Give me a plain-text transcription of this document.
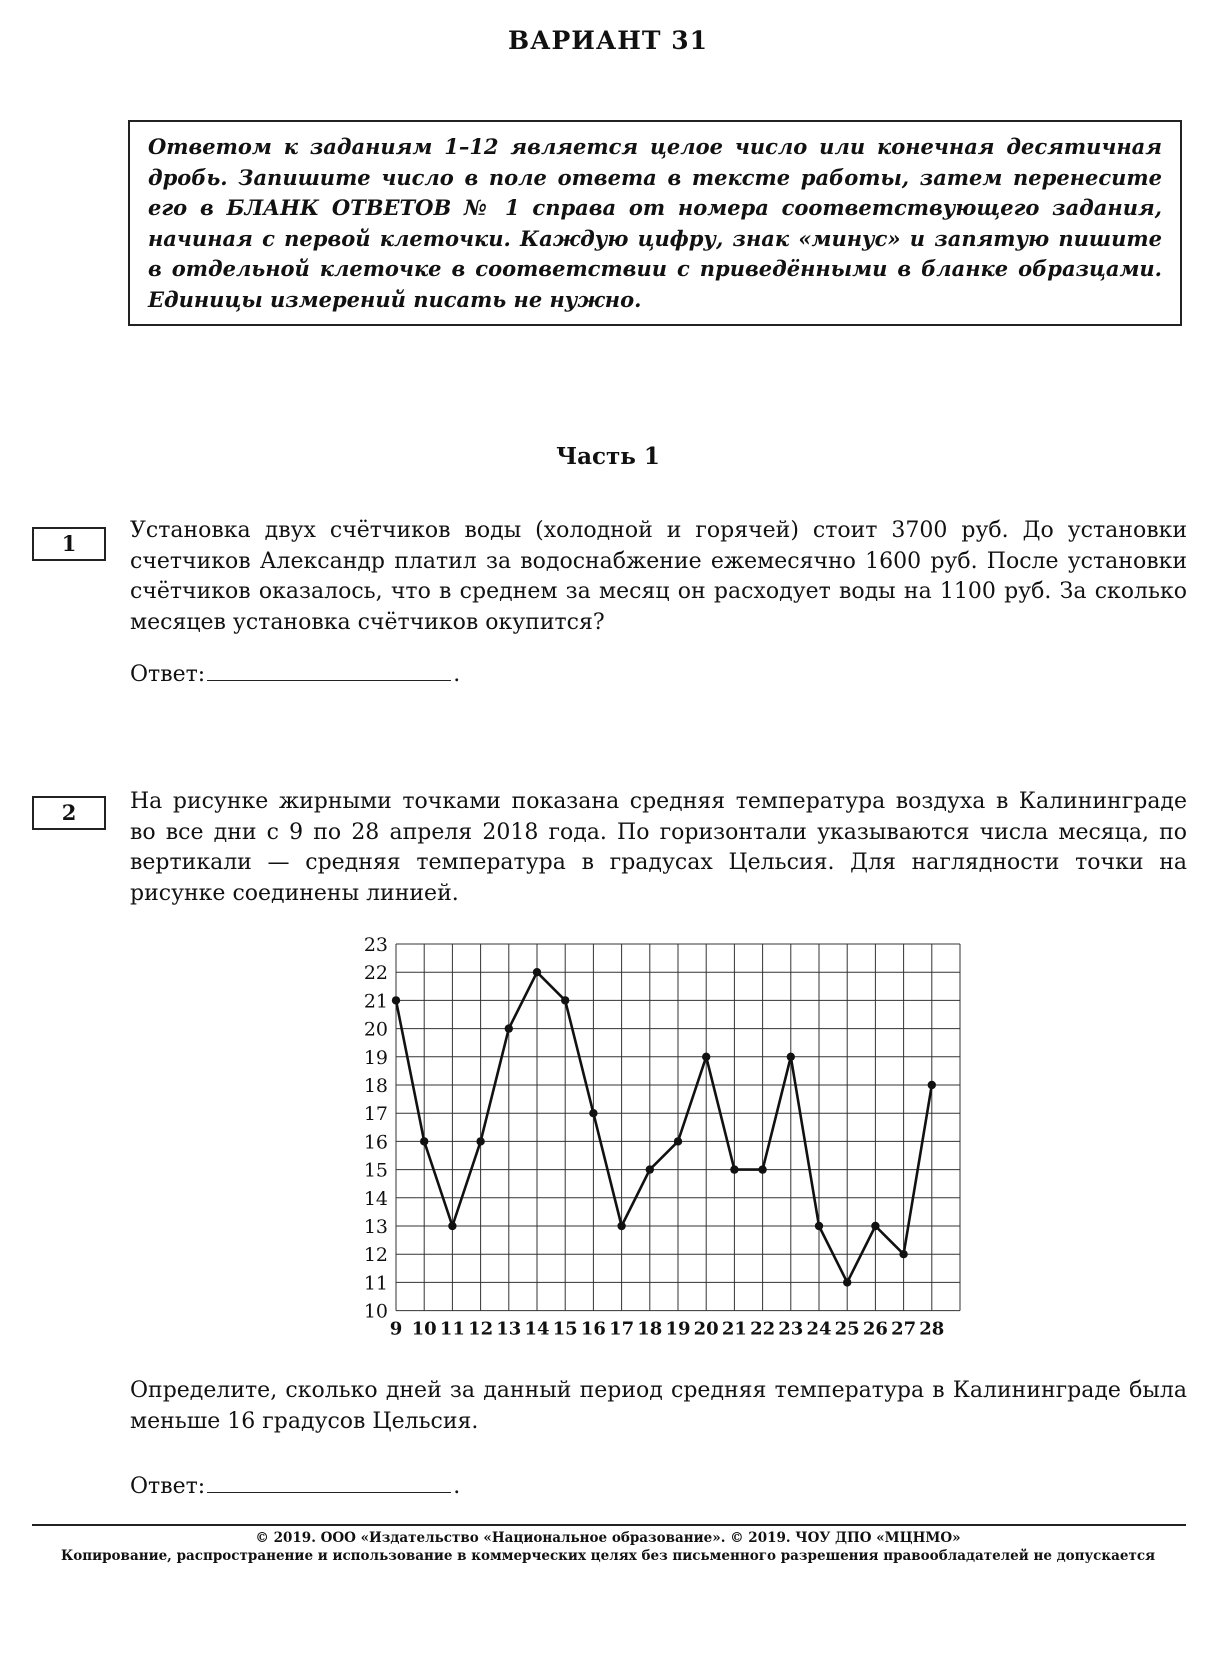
ВАРИАНТ 31
Ответом к заданиям 1–12 является целое число или конечная десятичная дробь. Запишите число в поле ответа в тексте работы, затем перенесите его в БЛАНК ОТВЕТОВ № 1 справа от номера соответствующего задания, начиная с первой клеточки. Каждую цифру, знак «минус» и запятую пишите в отдельной клеточке в соответствии с приведёнными в бланке образцами. Единицы измерений писать не нужно.
Часть 1
1
Установка двух счётчиков воды (холодной и горячей) стоит 3700 руб. До установки счетчиков Александр платил за водоснабжение ежемесячно 1600 руб. После установки счётчиков оказалось, что в среднем за месяц он расходует воды на 1100 руб. За сколько месяцев установка счётчиков окупится?
Ответ:	.
2	На рисунке жирными точками показана средняя температура воздуха в Калининграде во все дни с 9 по 28 апреля 2018 года. По горизонтали указываются числа месяца, по вертикали — средняя температура в градусах Цельсия. Для наглядности точки на рисунке соединены линией.
10
11
12
13
14
15
16
17
18
19
20
21
22
23
9 10 11 12 13 14 15 16 17 18 19 20 21 22 23 24 25 26 27 28
Определите, сколько дней за данный период средняя температура в Калининграде была меньше 16 градусов Цельсия.
Ответ:	.
© 2019. ООО «Издательство «Национальное образование». © 2019. ЧОУ ДПО «МЦНМО»
Копирование, распространение и использование в коммерческих целях без письменного разрешения правообладателей не допускается
